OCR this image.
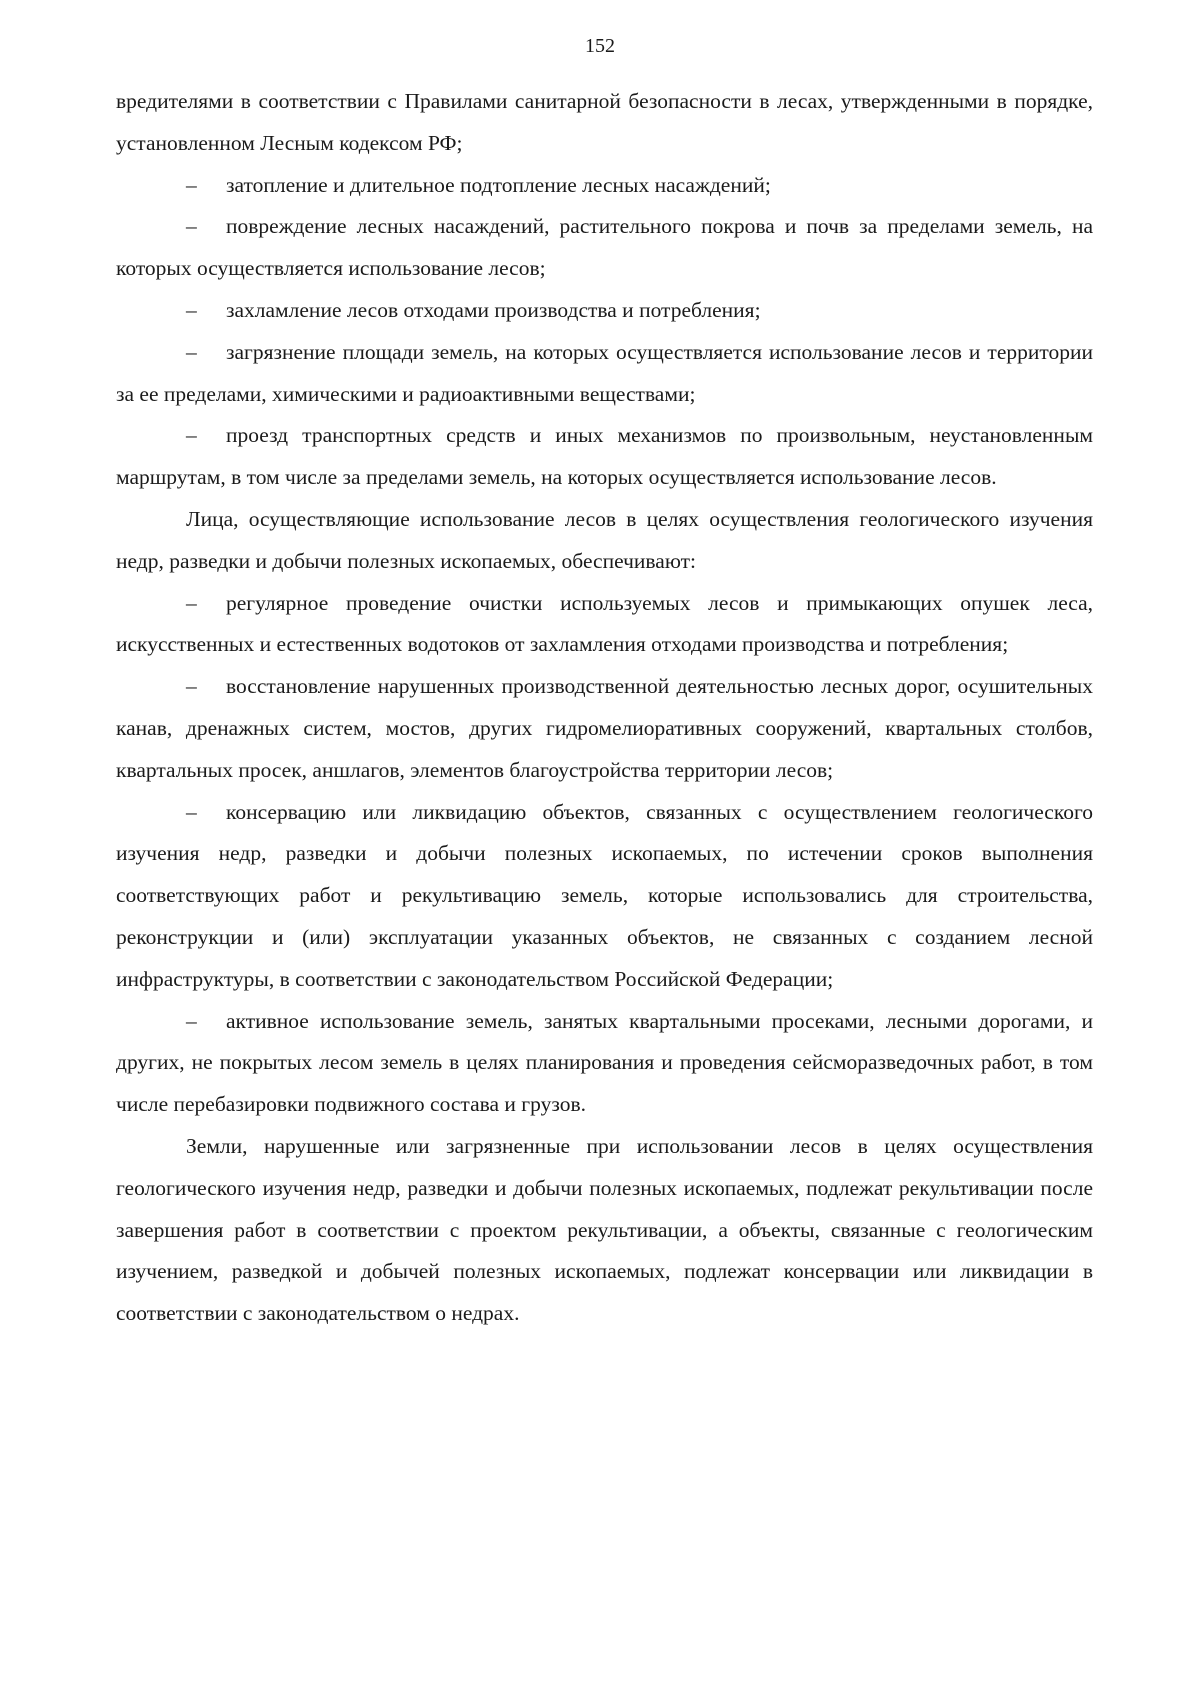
152

вредителями в соответствии с Правилами санитарной безопасности в лесах, утвержденными в порядке, установленном Лесным кодексом РФ;

– затопление и длительное подтопление лесных насаждений;

– повреждение лесных насаждений, растительного покрова и почв за пределами земель, на которых осуществляется использование лесов;

– захламление лесов отходами производства и потребления;

– загрязнение площади земель, на которых осуществляется использование лесов и территории за ее пределами, химическими и радиоактивными веществами;

– проезд транспортных средств и иных механизмов по произвольным, неустановленным маршрутам, в том числе за пределами земель, на которых осуществляется использование лесов.

Лица, осуществляющие использование лесов в целях осуществления геологического изучения недр, разведки и добычи полезных ископаемых, обеспечивают:

– регулярное проведение очистки используемых лесов и примыкающих опушек леса, искусственных и естественных водотоков от захламления отходами производства и потребления;

– восстановление нарушенных производственной деятельностью лесных дорог, осушительных канав, дренажных систем, мостов, других гидромелиоративных сооружений, квартальных столбов, квартальных просек, аншлагов, элементов благоустройства территории лесов;

– консервацию или ликвидацию объектов, связанных с осуществлением геологического изучения недр, разведки и добычи полезных ископаемых, по истечении сроков выполнения соответствующих работ и рекультивацию земель, которые использовались для строительства, реконструкции и (или) эксплуатации указанных объектов, не связанных с созданием лесной инфраструктуры, в соответствии с законодательством Российской Федерации;

– активное использование земель, занятых квартальными просеками, лесными дорогами, и других, не покрытых лесом земель в целях планирования и проведения сейсморазведочных работ, в том числе перебазировки подвижного состава и грузов.

Земли, нарушенные или загрязненные при использовании лесов в целях осуществления геологического изучения недр, разведки и добычи полезных ископаемых, подлежат рекультивации после завершения работ в соответствии с проектом рекультивации, а объекты, связанные с геологическим изучением, разведкой и добычей полезных ископаемых, подлежат консервации или ликвидации в соответствии с законодательством о недрах.
